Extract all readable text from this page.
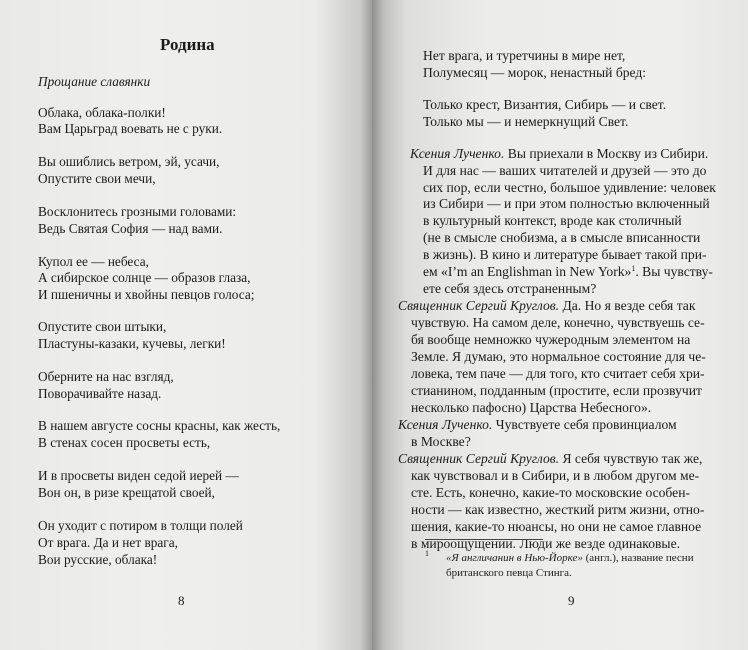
Родина
Прощание славянки
Облака, облака-полки!
Вам Царьград воевать не с руки.
Вы ошиблись ветром, эй, усачи,
Опустите свои мечи,
Восклонитесь грозными головами:
Ведь Святая София — над вами.
Купол ее — небеса,
А сибирское солнце — образов глаза,
И пшеничны и хвойны певцов голоса;
Опустите свои штыки,
Пластуны-казаки, кучевы, легки!
Оберните на нас взгляд,
Поворачивайте назад.
В нашем августе сосны красны, как жесть,
В стенах сосен просветы есть,
И в просветы виден седой иерей —
Вон он, в ризе крещатой своей,
Он уходит с потиром в толщи полей
От врага. Да и нет врага,
Вои русские, облака!
8
Нет врага, и туретчины в мире нет,
Полумесяц — морок, ненастный бред:
Только крест, Византия, Сибирь — и свет.
Только мы — и немеркнущий Свет.
Ксения Лученко. Вы приехали в Москву из Сибири.
И для нас — ваших читателей и друзей — это до
сих пор, если честно, большое удивление: человек
из Сибири — и при этом полностью включенный
в культурный контекст, вроде как столичный
(не в смысле снобизма, а в смысле вписанности
в жизнь). В кино и литературе бывает такой при-
ем «I’m an Englishman in New York»$^1$. Вы чувству-
ете себя здесь отстраненным?
Священник Сергий Круглов. Да. Но я везде себя так
чувствую. На самом деле, конечно, чувствуешь се-
бя вообще немножко чужеродным элементом на
Земле. Я думаю, это нормальное состояние для че-
ловека, тем паче — для того, кто считает себя хри-
стианином, подданным (простите, если прозвучит
несколько пафосно) Царства Небесного».
Ксения Лученко. Чувствуете себя провинциалом
в Москве?
Священник Сергий Круглов. Я себя чувствую так же,
как чувствовал и в Сибири, и в любом другом ме-
сте. Есть, конечно, какие-то московские особен-
ности — как известно, жесткий ритм жизни, отно-
шения, какие-то нюансы, но они не самое главное
в мироощущении. Люди же везде одинаковые.
$^1$ «Я англичанин в Нью-Йорке» (англ.), название песни
британского певца Стинга.
9
